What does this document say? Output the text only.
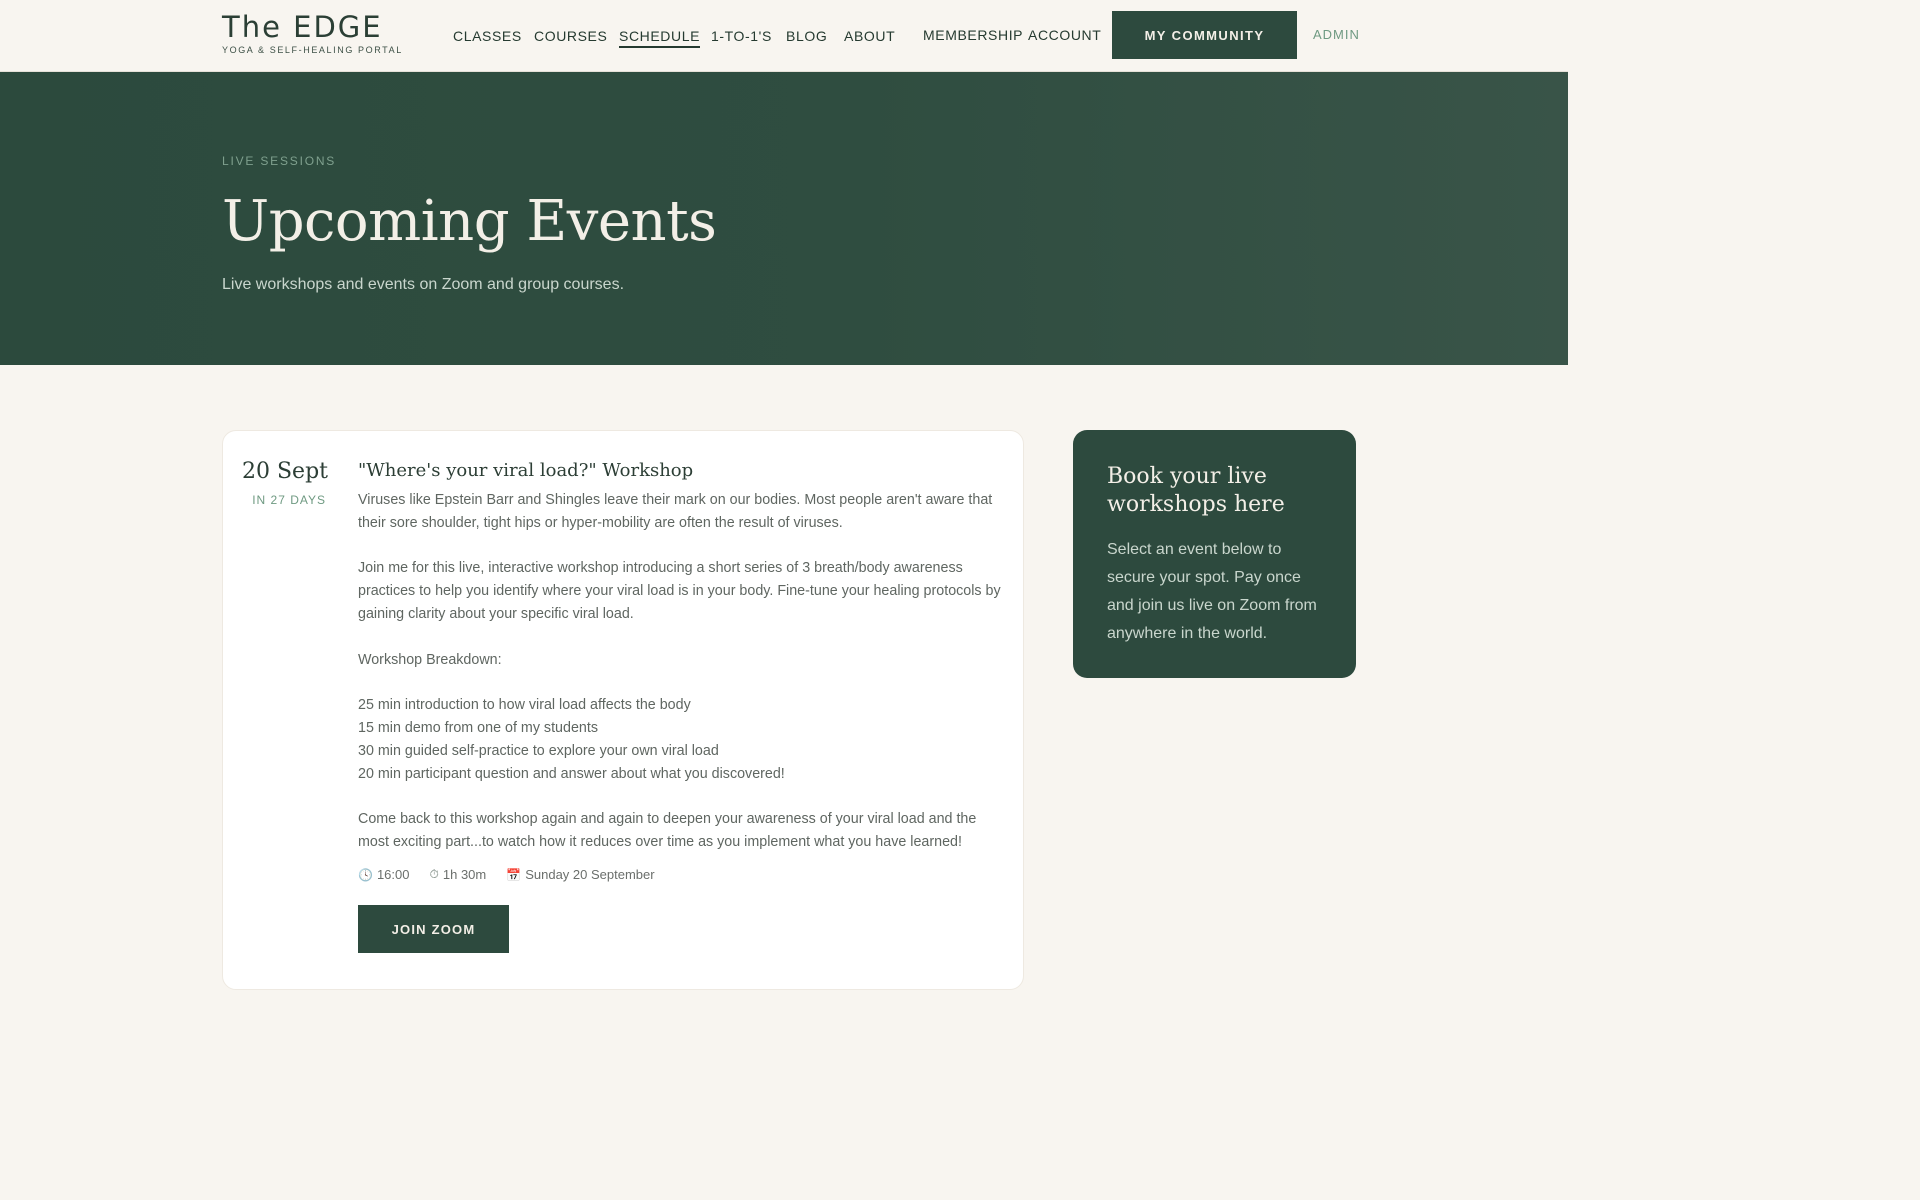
The EDGE
YOGA & SELF-HEALING PORTAL
CLASSES COURSES SCHEDULE 1-TO-1'S BLOG ABOUT MEMBERSHIP ACCOUNT	MY COMMUNITY	ADMIN
LIVE SESSIONS
Upcoming Events
Live workshops and events on Zoom and group courses.
20 Sept
IN 27 DAYS
"Where's your viral load?" Workshop

Viruses like Epstein Barr and Shingles leave their mark on our bodies. Most people aren't aware that their sore shoulder, tight hips or hyper-mobility are often the result of viruses.

Join me for this live, interactive workshop introducing a short series of 3 breath/body awareness practices to help you identify where your viral load is in your body. Fine-tune your healing protocols by gaining clarity about your specific viral load.

Workshop Breakdown:

25 min introduction to how viral load affects the body

15 min demo from one of my students

30 min guided self-practice to explore your own viral load

20 min participant question and answer about what you discovered!

Come back to this workshop again and again to deepen your awareness of your viral load and the most exciting part...to watch how it reduces over time as you implement what you have learned!

🕓 16:00 ⏱ 1h 30m 📅 Sunday 20 September
JOIN ZOOM
Book your live workshops here
Select an event below to secure your spot. Pay once and join us live on Zoom from anywhere in the world.
